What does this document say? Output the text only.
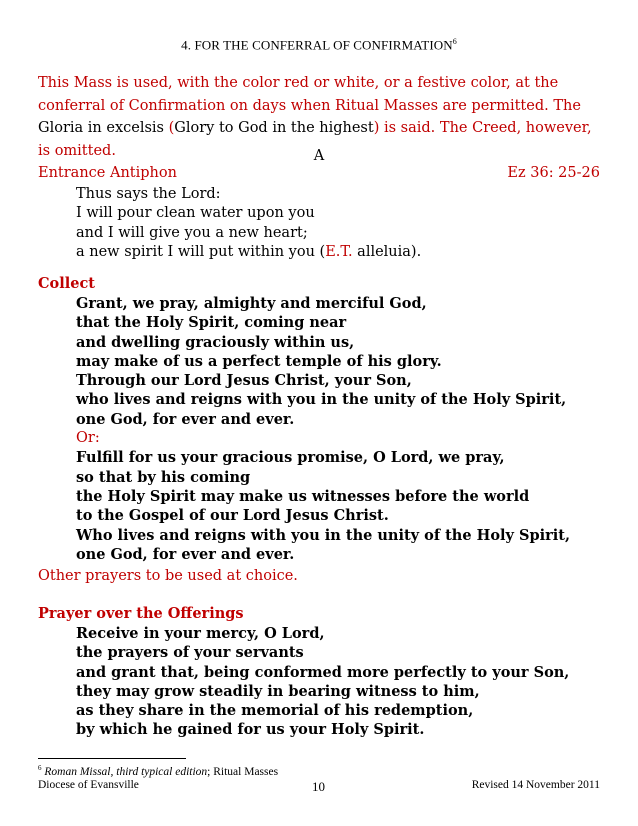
4. FOR THE CONFERRAL OF CONFIRMATION$^6$
This Mass is used, with the color red or white, or a festive color, at the conferral of Confirmation on days when Ritual Masses are permitted. The Gloria in excelsis (Glory to God in the highest) is said. The Creed, however, is omitted.	A
Entrance Antiphon	Ez 36: 25-26
Thus says the Lord:
I will pour clean water upon you
and I will give you a new heart;
a new spirit I will put within you (E.T. alleluia).
Collect
Grant, we pray, almighty and merciful God,
that the Holy Spirit, coming near
and dwelling graciously within us,
may make of us a perfect temple of his glory.
Through our Lord Jesus Christ, your Son,
who lives and reigns with you in the unity of the Holy Spirit,
one God, for ever and ever.
Or:
Fulfill for us your gracious promise, O Lord, we pray,
so that by his coming
the Holy Spirit may make us witnesses before the world
to the Gospel of our Lord Jesus Christ.
Who lives and reigns with you in the unity of the Holy Spirit,
one God, for ever and ever.
Other prayers to be used at choice.
Prayer over the Offerings
Receive in your mercy, O Lord,
the prayers of your servants
and grant that, being conformed more perfectly to your Son,
they may grow steadily in bearing witness to him,
as they share in the memorial of his redemption,
by which he gained for us your Holy Spirit.
$^6$ Roman Missal, third typical edition; Ritual Masses
Diocese of Evansville	10	Revised 14 November 2011
